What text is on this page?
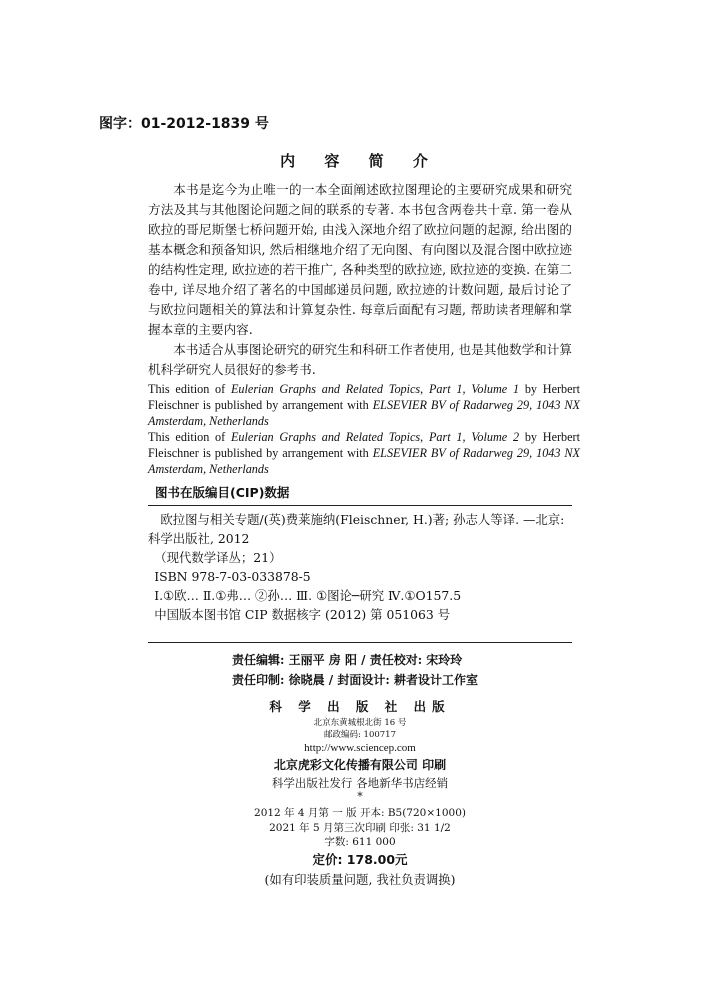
图字：01-2012-1839 号
内 容 简 介

本书是迄今为止唯一的一本全面阐述欧拉图理论的主要研究成果和研究方法及其与其他图论问题之间的联系的专著. 本书包含两卷共十章. 第一卷从欧拉的哥尼斯堡七桥问题开始, 由浅入深地介绍了欧拉问题的起源, 给出图的基本概念和预备知识, 然后相继地介绍了无向图、有向图以及混合图中欧拉迹的结构性定理, 欧拉迹的若干推广, 各种类型的欧拉迹, 欧拉迹的变换. 在第二卷中, 详尽地介绍了著名的中国邮递员问题, 欧拉迹的计数问题, 最后讨论了与欧拉问题相关的算法和计算复杂性. 每章后面配有习题, 帮助读者理解和掌握本章的主要内容.

本书适合从事图论研究的研究生和科研工作者使用, 也是其他数学和计算机科学研究人员很好的参考书.

This edition of Eulerian Graphs and Related Topics, Part 1, Volume 1 by Herbert Fleischner is published by arrangement with ELSEVIER BV of Radarweg 29, 1043 NX Amsterdam, Netherlands

This edition of Eulerian Graphs and Related Topics, Part 1, Volume 2 by Herbert Fleischner is published by arrangement with ELSEVIER BV of Radarweg 29, 1043 NX Amsterdam, Netherlands

图书在版编目(CIP)数据
欧拉图与相关专题/(英)费莱施纳(Fleischner, H.)著; 孙志人等译. —北京:
科学出版社, 2012
（现代数学译丛；21）
ISBN 978-7-03-033878-5
Ⅰ.①欧… Ⅱ.①弗… ②孙… Ⅲ. ①图论─研究 Ⅳ.①O157.5
中国版本图书馆 CIP 数据核字 (2012) 第 051063 号
责任编辑: 王丽平 房 阳 / 责任校对: 宋玲玲
责任印制: 徐晓晨 / 封面设计: 耕者设计工作室
科 学 出 版 社 出版
北京东黄城根北街 16 号
邮政编码: 100717
http://www.sciencep.com
北京虎彩文化传播有限公司 印刷
科学出版社发行 各地新华书店经销
*
2012 年 4 月第 一 版 开本: B5(720×1000)
2021 年 5 月第三次印刷 印张: 31 1/2
字数: 611 000
定价: 178.00元
(如有印装质量问题, 我社负责调换)
